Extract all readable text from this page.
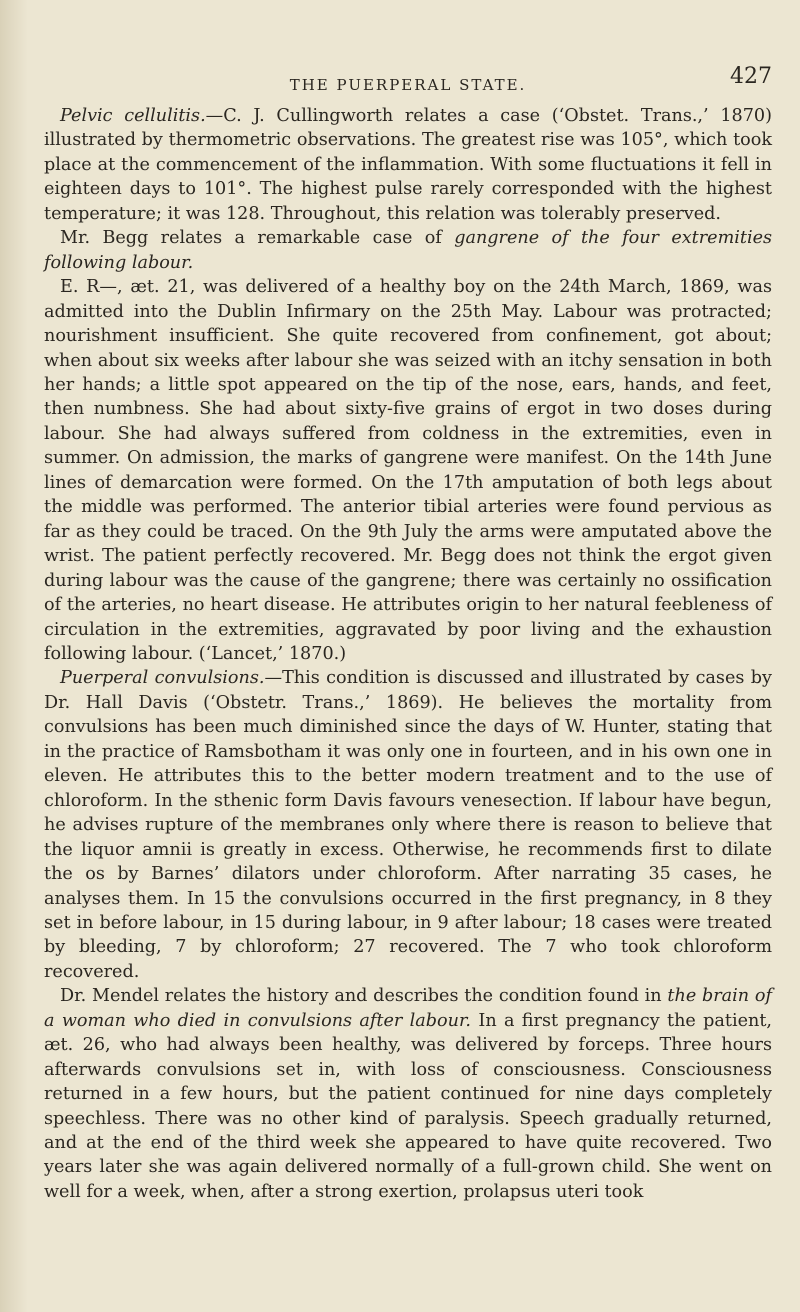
THE PUERPERAL STATE.	427

Pelvic cellulitis.—C. J. Cullingworth relates a case (‘Obstet. Trans.,’ 1870) illustrated by thermometric observations. The greatest rise was 105°, which took place at the commencement of the inflammation. With some fluctuations it fell in eighteen days to 101°. The highest pulse rarely corresponded with the highest temperature; it was 128. Throughout, this relation was tolerably preserved.

Mr. Begg relates a remarkable case of gangrene of the four extremities following labour.

E. R—, æt. 21, was delivered of a healthy boy on the 24th March, 1869, was admitted into the Dublin Infirmary on the 25th May. Labour was protracted; nourishment insufficient. She quite recovered from confinement, got about; when about six weeks after labour she was seized with an itchy sensation in both her hands; a little spot appeared on the tip of the nose, ears, hands, and feet, then numbness. She had about sixty-five grains of ergot in two doses during labour. She had always suffered from coldness in the extremities, even in summer. On admission, the marks of gangrene were manifest. On the 14th June lines of demarcation were formed. On the 17th amputation of both legs about the middle was performed. The anterior tibial arteries were found pervious as far as they could be traced. On the 9th July the arms were amputated above the wrist. The patient perfectly recovered. Mr. Begg does not think the ergot given during labour was the cause of the gangrene; there was certainly no ossification of the arteries, no heart disease. He attributes origin to her natural feebleness of circulation in the extremities, aggravated by poor living and the exhaustion following labour. (‘Lancet,’ 1870.)

Puerperal convulsions.—This condition is discussed and illustrated by cases by Dr. Hall Davis (‘Obstetr. Trans.,’ 1869). He believes the mortality from convulsions has been much diminished since the days of W. Hunter, stating that in the practice of Ramsbotham it was only one in fourteen, and in his own one in eleven. He attributes this to the better modern treatment and to the use of chloroform. In the sthenic form Davis favours venesection. If labour have begun, he advises rupture of the membranes only where there is reason to believe that the liquor amnii is greatly in excess. Otherwise, he recommends first to dilate the os by Barnes’ dilators under chloroform. After narrating 35 cases, he analyses them. In 15 the convulsions occurred in the first pregnancy, in 8 they set in before labour, in 15 during labour, in 9 after labour; 18 cases were treated by bleeding, 7 by chloroform; 27 recovered. The 7 who took chloroform recovered.

Dr. Mendel relates the history and describes the condition found in the brain of a woman who died in convulsions after labour. In a first pregnancy the patient, æt. 26, who had always been healthy, was delivered by forceps. Three hours afterwards convulsions set in, with loss of consciousness. Consciousness returned in a few hours, but the patient continued for nine days completely speechless. There was no other kind of paralysis. Speech gradually returned, and at the end of the third week she appeared to have quite recovered. Two years later she was again delivered normally of a full-grown child. She went on well for a week, when, after a strong exertion, prolapsus uteri took
